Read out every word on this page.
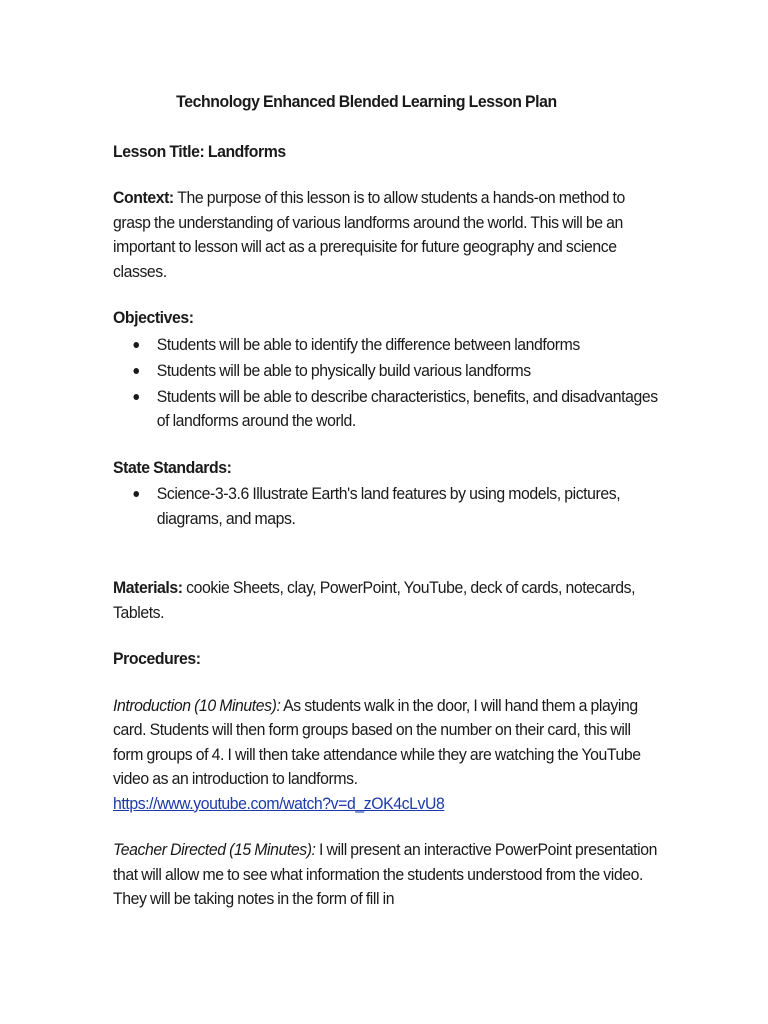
Technology Enhanced Blended Learning Lesson Plan

Lesson Title: Landforms

Context: The purpose of this lesson is to allow students a hands-on method to grasp the understanding of various landforms around the world. This will be an important to lesson will act as a prerequisite for future geography and science classes.

Objectives:

Students will be able to identify the difference between landforms
Students will be able to physically build various landforms
Students will be able to describe characteristics, benefits, and disadvantages of landforms around the world.

State Standards:

Science-3-3.6 Illustrate Earth's land features by using models, pictures, diagrams, and maps.

Materials: cookie Sheets, clay, PowerPoint, YouTube, deck of cards, notecards, Tablets.

Procedures:

Introduction (10 Minutes): As students walk in the door, I will hand them a playing card. Students will then form groups based on the number on their card, this will form groups of 4. I will then take attendance while they are watching the YouTube video as an introduction to landforms.
https://www.youtube.com/watch?v=d_zOK4cLvU8

Teacher Directed (15 Minutes): I will present an interactive PowerPoint presentation that will allow me to see what information the students understood from the video. They will be taking notes in the form of fill in
